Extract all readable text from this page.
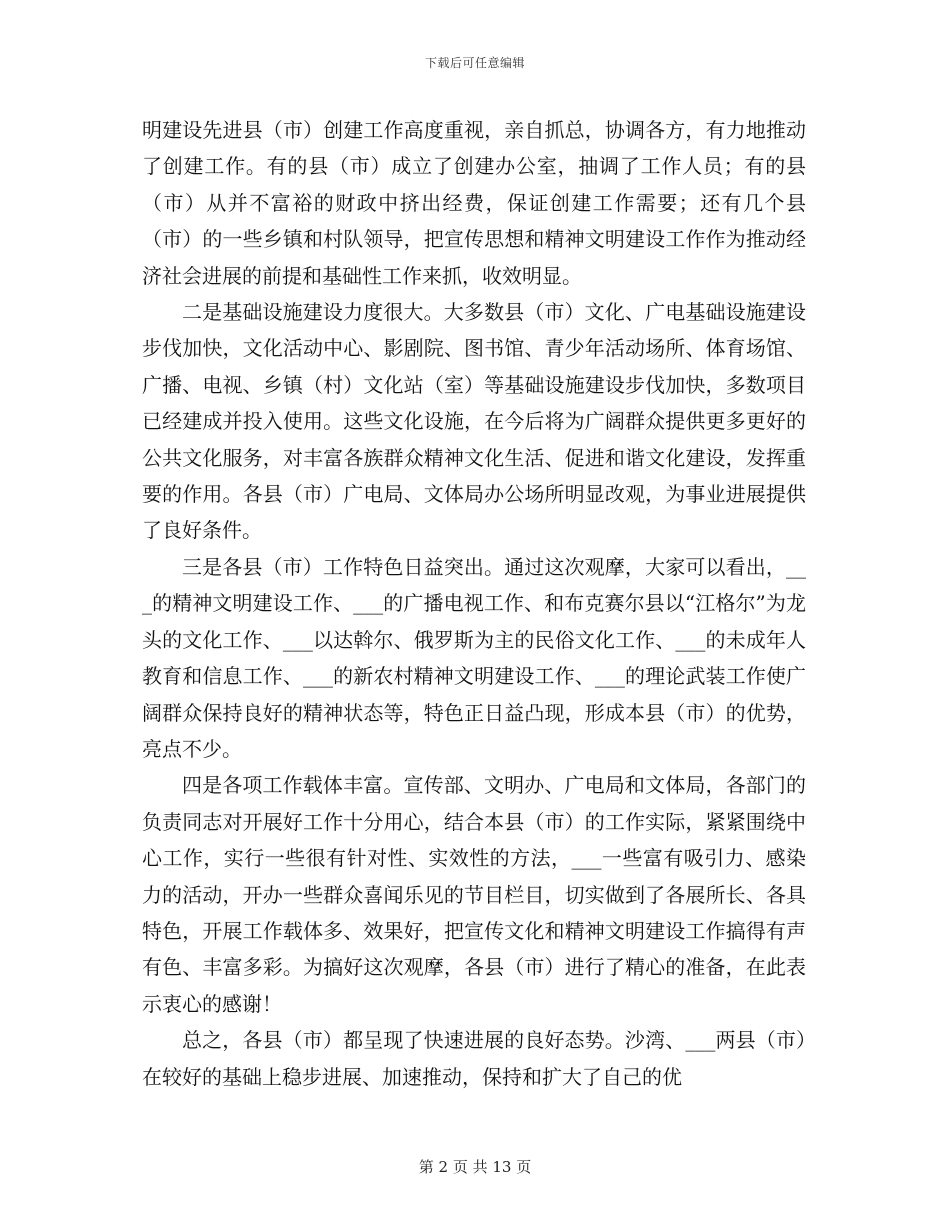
下载后可任意编辑

明建设先进县（市）创建工作高度重视，亲自抓总，协调各方，有力地推动了创建工作。有的县（市）成立了创建办公室，抽调了工作人员；有的县（市）从并不富裕的财政中挤出经费，保证创建工作需要；还有几个县（市）的一些乡镇和村队领导，把宣传思想和精神文明建设工作作为推动经济社会进展的前提和基础性工作来抓，收效明显。

二是基础设施建设力度很大。大多数县（市）文化、广电基础设施建设步伐加快，文化活动中心、影剧院、图书馆、青少年活动场所、体育场馆、广播、电视、乡镇（村）文化站（室）等基础设施建设步伐加快，多数项目已经建成并投入使用。这些文化设施，在今后将为广阔群众提供更多更好的公共文化服务，对丰富各族群众精神文化生活、促进和谐文化建设，发挥重要的作用。各县（市）广电局、文体局办公场所明显改观，为事业进展提供了良好条件。

三是各县（市）工作特色日益突出。通过这次观摩，大家可以看出，___的精神文明建设工作、___的广播电视工作、和布克赛尔县以“江格尔”为龙头的文化工作、___以达斡尔、俄罗斯为主的民俗文化工作、___的未成年人教育和信息工作、___的新农村精神文明建设工作、___的理论武装工作使广阔群众保持良好的精神状态等，特色正日益凸现，形成本县（市）的优势，亮点不少。

四是各项工作载体丰富。宣传部、文明办、广电局和文体局，各部门的负责同志对开展好工作十分用心，结合本县（市）的工作实际，紧紧围绕中心工作，实行一些很有针对性、实效性的方法，___一些富有吸引力、感染力的活动，开办一些群众喜闻乐见的节目栏目，切实做到了各展所长、各具特色，开展工作载体多、效果好，把宣传文化和精神文明建设工作搞得有声有色、丰富多彩。为搞好这次观摩，各县（市）进行了精心的准备，在此表示衷心的感谢！

总之，各县（市）都呈现了快速进展的良好态势。沙湾、___两县（市）在较好的基础上稳步进展、加速推动，保持和扩大了自己的优

第 2 页 共 13 页
